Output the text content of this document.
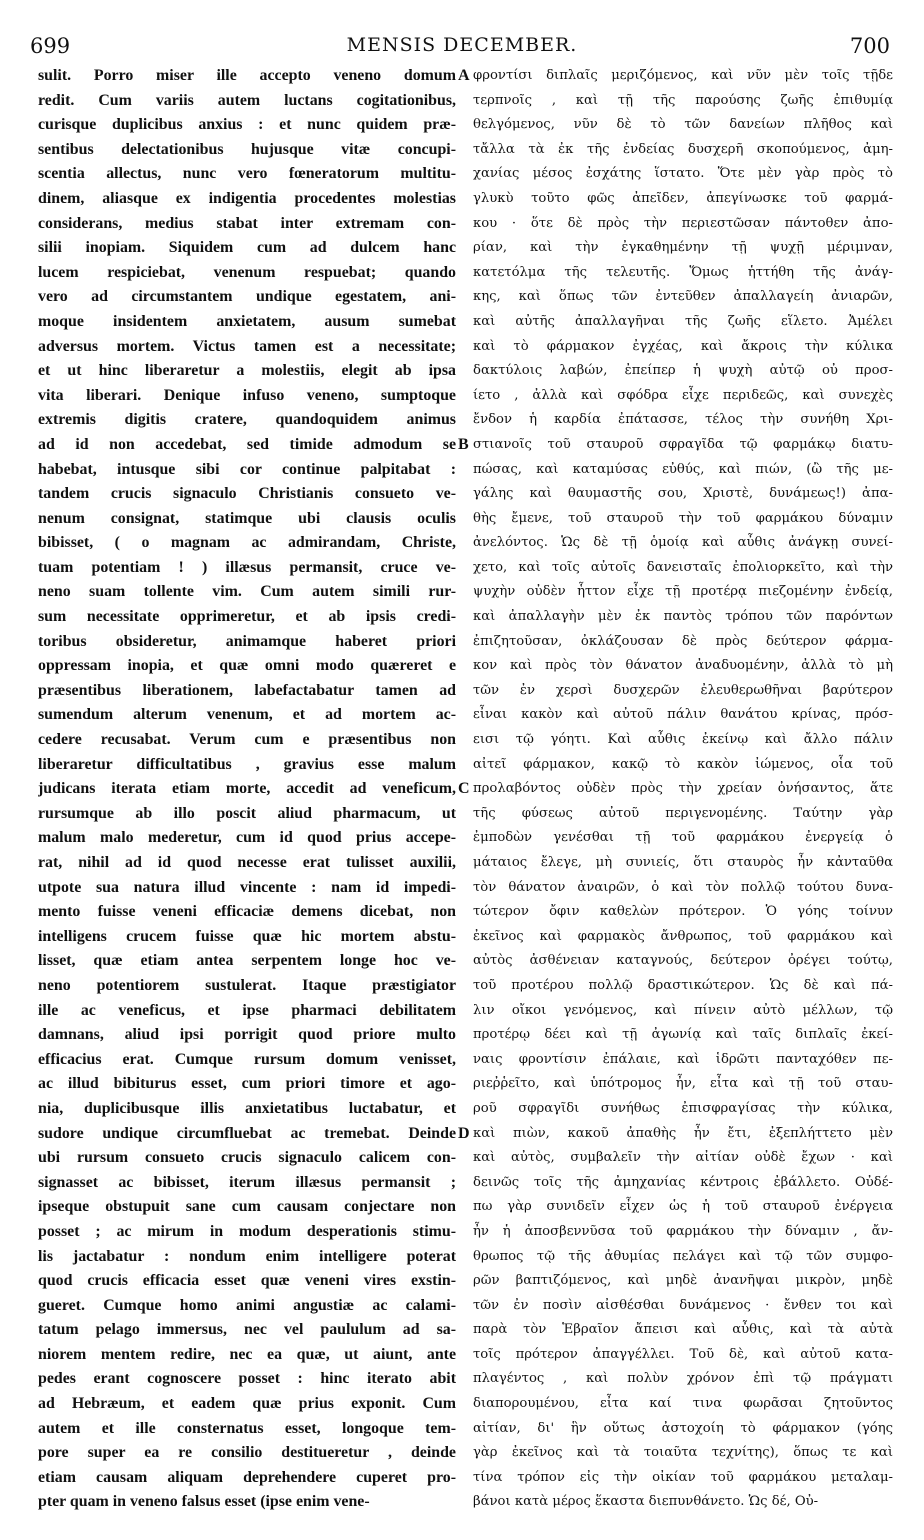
699	MENSIS DECEMBER.	700
sulit. Porro miser ille accepto veneno domum
redit. Cum variis autem luctans cogitationibus,
curisque duplicibus anxius : et nunc quidem præ-
sentibus delectationibus hujusque vitæ concupi-
scentia allectus, nunc vero fœneratorum multitu-
dinem, aliasque ex indigentia procedentes molestias
considerans, medius stabat inter extremam con-
silii inopiam. Siquidem cum ad dulcem hanc
lucem respiciebat, venenum respuebat; quando
vero ad circumstantem undique egestatem, ani-
moque insidentem anxietatem, ausum sumebat
adversus mortem. Victus tamen est a necessitate;
et ut hinc liberaretur a molestiis, elegit ab ipsa
vita liberari. Denique infuso veneno, sumptoque
extremis digitis cratere, quandoquidem animus
ad id non accedebat, sed timide admodum se
habebat, intusque sibi cor continue palpitabat :
tandem crucis signaculo Christianis consueto ve-
nenum consignat, statimque ubi clausis oculis
bibisset, ( o magnam ac admirandam, Christe,
tuam potentiam ! ) illæsus permansit, cruce ve-
neno suam tollente vim. Cum autem simili rur-
sum necessitate opprimeretur, et ab ipsis credi-
toribus obsideretur, animamque haberet priori
oppressam inopia, et quæ omni modo quæreret e
præsentibus liberationem, labefactabatur tamen ad
sumendum alterum venenum, et ad mortem ac-
cedere recusabat. Verum cum e præsentibus non
liberaretur difficultatibus , gravius esse malum
judicans iterata etiam morte, accedit ad veneficum,
rursumque ab illo poscit aliud pharmacum, ut
malum malo mederetur, cum id quod prius accepe-
rat, nihil ad id quod necesse erat tulisset auxilii,
utpote sua natura illud vincente : nam id impedi-
mento fuisse veneni efficaciæ demens dicebat, non
intelligens crucem fuisse quæ hic mortem abstu-
lisset, quæ etiam antea serpentem longe hoc ve-
neno potentiorem sustulerat. Itaque præstigiator
ille ac veneficus, et ipse pharmaci debilitatem
damnans, aliud ipsi porrigit quod priore multo
efficacius erat. Cumque rursum domum venisset,
ac illud bibiturus esset, cum priori timore et ago-
nia, duplicibusque illis anxietatibus luctabatur, et
sudore undique circumfluebat ac tremebat. Deinde
ubi rursum consueto crucis signaculo calicem con-
signasset ac bibisset, iterum illæsus permansit ;
ipseque obstupuit sane cum causam conjectare non
posset ; ac mirum in modum desperationis stimu-
lis jactabatur : nondum enim intelligere poterat
quod crucis efficacia esset quæ veneni vires exstin-
gueret. Cumque homo animi angustiæ ac calami-
tatum pelago immersus, nec vel paululum ad sa-
niorem mentem redire, nec ea quæ, ut aiunt, ante
pedes erant cognoscere posset : hinc iterato abit
ad Hebræum, et eadem quæ prius exponit. Cum
autem et ille consternatus esset, longoque tem-
pore super ea re consilio destitueretur , deinde
etiam causam aliquam deprehendere cuperet pro-
pter quam in veneno falsus esset (ipse enim vene-
φροντίσι διπλαῖς μεριζόμενος, καὶ νῦν μὲν τοῖς τῇδε
τερπνοῖς , καὶ τῇ τῆς παρούσης ζωῆς ἐπιθυμίᾳ
θελγόμενος, νῦν δὲ τὸ τῶν δανείων πλῆθος καὶ
τἄλλα τὰ ἐκ τῆς ἐνδείας δυσχερῆ σκοπούμενος, ἀμη-
χανίας μέσος ἐσχάτης ἵστατο. Ὅτε μὲν γὰρ πρὸς τὸ
γλυκὺ τοῦτο φῶς ἀπεῖδεν, ἀπεγίνωσκε τοῦ φαρμά-
κου · ὅτε δὲ πρὸς τὴν περιεστῶσαν πάντοθεν ἀπο-
ρίαν, καὶ τὴν ἐγκαθημένην τῇ ψυχῇ μέριμναν,
κατετόλμα τῆς τελευτῆς. Ὅμως ἡττήθη τῆς ἀνάγ-
κης, καὶ ὅπως τῶν ἐντεῦθεν ἀπαλλαγείη ἀνιαρῶν,
καὶ αὐτῆς ἀπαλλαγῆναι τῆς ζωῆς εἵλετο. Ἀμέλει
καὶ τὸ φάρμακον ἐγχέας, καὶ ἄκροις τὴν κύλικα
δακτύλοις λαβών, ἐπείπερ ἡ ψυχὴ αὐτῷ οὐ προσ-
ίετο , ἀλλὰ καὶ σφόδρα εἶχε περιδεῶς, καὶ συνεχὲς
ἔνδον ἡ καρδία ἐπάτασσε, τέλος τὴν συνήθη Χρι-
στιανοῖς τοῦ σταυροῦ σφραγῖδα τῷ φαρμάκῳ διατυ-
πώσας, καὶ καταμύσας εὐθύς, καὶ πιών, (ὢ τῆς με-
γάλης καὶ θαυμαστῆς σου, Χριστὲ, δυνάμεως!) ἀπα-
θὴς ἔμενε, τοῦ σταυροῦ τὴν τοῦ φαρμάκου δύναμιν
ἀνελόντος. Ὡς δὲ τῇ ὁμοίᾳ καὶ αὖθις ἀνάγκῃ συνεί-
χετο, καὶ τοῖς αὐτοῖς δανεισταῖς ἐπολιορκεῖτο, καὶ τὴν
ψυχὴν οὐδὲν ἧττον εἶχε τῇ προτέρᾳ πιεζομένην ἐνδείᾳ,
καὶ ἀπαλλαγὴν μὲν ἐκ παντὸς τρόπου τῶν παρόντων
ἐπιζητοῦσαν, ὀκλάζουσαν δὲ πρὸς δεύτερον φάρμα-
κον καὶ πρὸς τὸν θάνατον ἀναδυομένην, ἀλλὰ τὸ μὴ
τῶν ἐν χερσὶ δυσχερῶν ἐλευθερωθῆναι βαρύτερον
εἶναι κακὸν καὶ αὐτοῦ πάλιν θανάτου κρίνας, πρόσ-
εισι τῷ γόητι. Καὶ αὖθις ἐκείνῳ καὶ ἄλλο πάλιν
αἰτεῖ φάρμακον, κακῷ τὸ κακὸν ἰώμενος, οἷα τοῦ
προλαβόντος οὐδὲν πρὸς τὴν χρείαν ὀνήσαντος, ἅτε
τῆς φύσεως αὐτοῦ περιγενομένης. Ταύτην γὰρ
ἐμποδὼν γενέσθαι τῇ τοῦ φαρμάκου ἐνεργείᾳ ὁ
μάταιος ἔλεγε, μὴ συνιείς, ὅτι σταυρὸς ἦν κἀνταῦθα
τὸν θάνατον ἀναιρῶν, ὁ καὶ τὸν πολλῷ τούτου δυνα-
τώτερον ὄφιν καθελὼν πρότερον. Ὁ γόης τοίνυν
ἐκεῖνος καὶ φαρμακὸς ἄνθρωπος, τοῦ φαρμάκου καὶ
αὐτὸς ἀσθένειαν καταγνούς, δεύτερον ὀρέγει τούτῳ,
τοῦ προτέρου πολλῷ δραστικώτερον. Ὡς δὲ καὶ πά-
λιν οἴκοι γενόμενος, καὶ πίνειν αὐτὸ μέλλων, τῷ
προτέρῳ δέει καὶ τῇ ἀγωνίᾳ καὶ ταῖς διπλαῖς ἐκεί-
ναις φροντίσιν ἐπάλαιε, καὶ ἱδρῶτι πανταχόθεν πε-
ριεῤῥεῖτο, καὶ ὑπότρομος ἦν, εἶτα καὶ τῇ τοῦ σταυ-
ροῦ σφραγῖδι συνήθως ἐπισφραγίσας τὴν κύλικα,
καὶ πιὼν, κακοῦ ἀπαθὴς ἦν ἔτι, ἐξεπλήττετο μὲν
καὶ αὐτὸς, συμβαλεῖν τὴν αἰτίαν οὐδὲ ἔχων · καὶ
δεινῶς τοῖς τῆς ἀμηχανίας κέντροις ἐβάλλετο. Οὐδέ-
πω γὰρ συνιδεῖν εἶχεν ὡς ἡ τοῦ σταυροῦ ἐνέργεια
ἦν ἡ ἀποσβεννῦσα τοῦ φαρμάκου τὴν δύναμιν , ἄν-
θρωπος τῷ τῆς ἀθυμίας πελάγει καὶ τῷ τῶν συμφο-
ρῶν βαπτιζόμενος, καὶ μηδὲ ἀνανῆψαι μικρὸν, μηδὲ
τῶν ἐν ποσὶν αἰσθέσθαι δυνάμενος · ἔνθεν τοι καὶ
παρὰ τὸν Ἑβραῖον ἄπεισι καὶ αὖθις, καὶ τὰ αὐτὰ
τοῖς πρότερον ἀπαγγέλλει. Τοῦ δὲ, καὶ αὐτοῦ κατα-
πλαγέντος , καὶ πολὺν χρόνον ἐπὶ τῷ πράγματι
διαπορουμένου, εἶτα καί τινα φωρᾶσαι ζητοῦντος
αἰτίαν, δι' ἣν οὕτως ἀστοχοίη τὸ φάρμακον (γόης
γὰρ ἐκεῖνος καὶ τὰ τοιαῦτα τεχνίτης), ὅπως τε καὶ
τίνα τρόπον εἰς τὴν οἰκίαν τοῦ φαρμάκου μεταλαμ-
βάνοι κατὰ μέρος ἕκαστα διεπυνθάνετο. Ὡς δέ, Οὐ-
A
B
C
D
